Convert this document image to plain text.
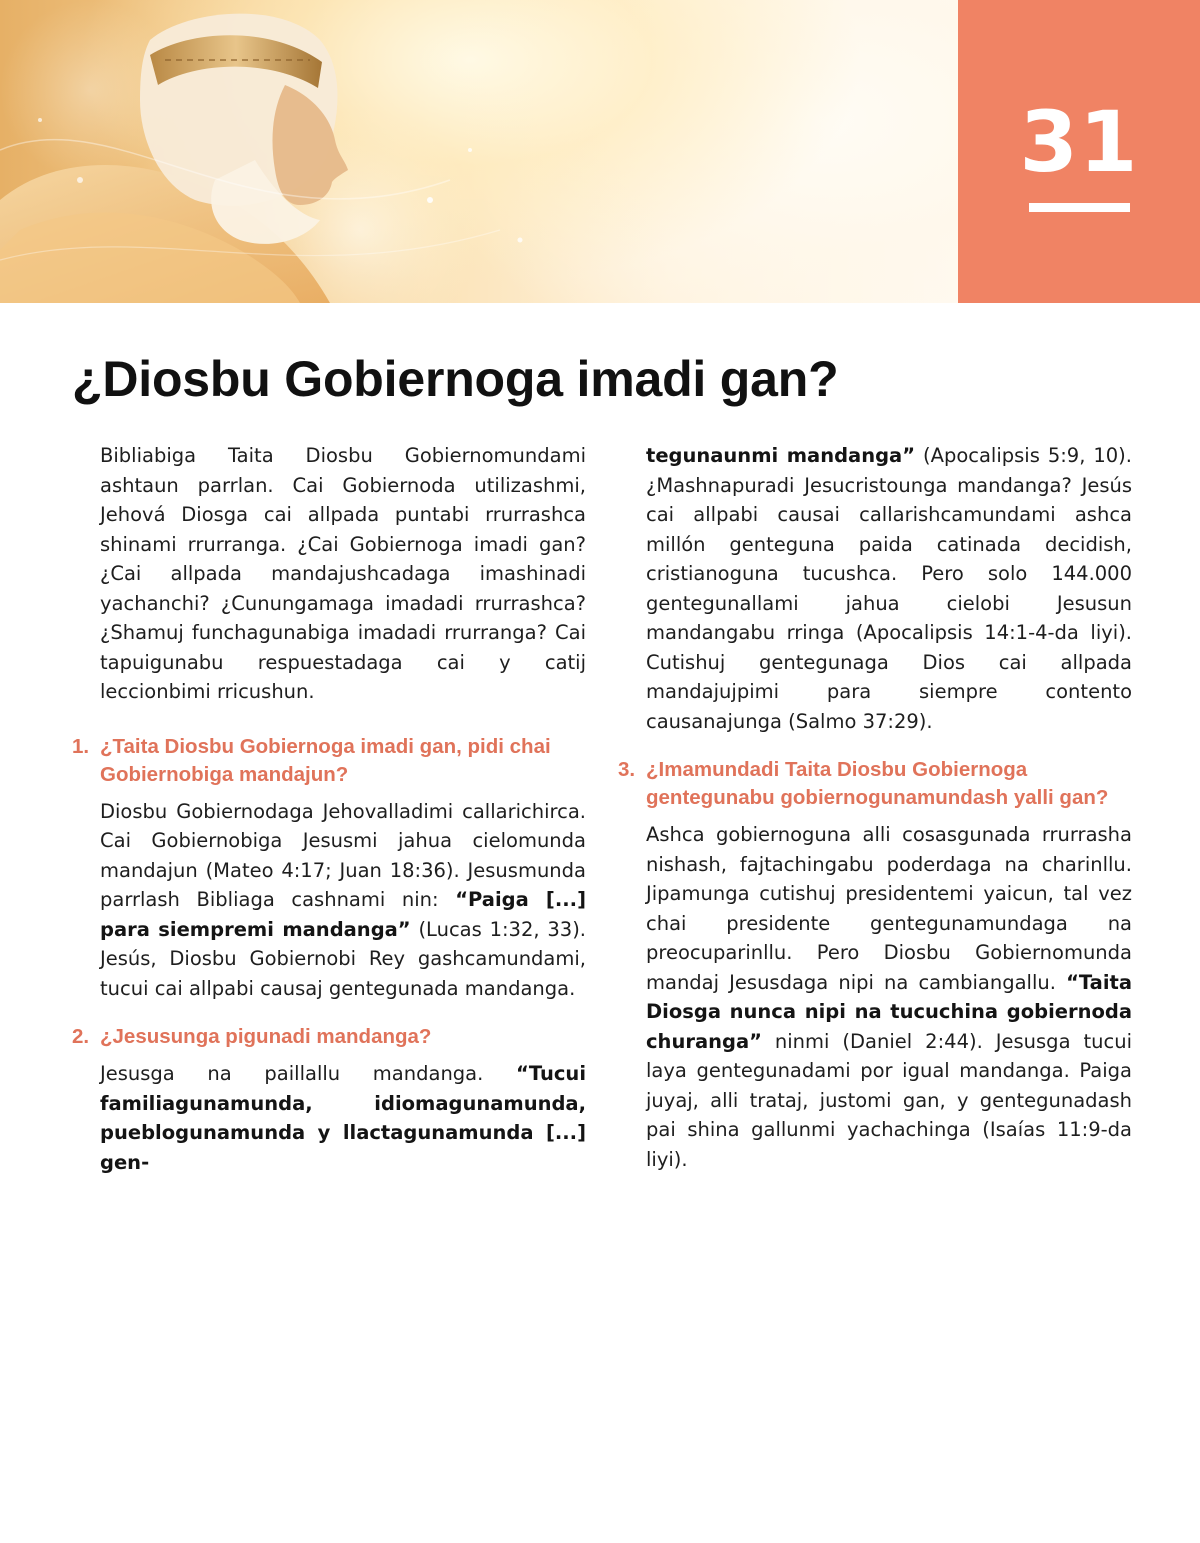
31
¿Diosbu Gobiernoga imadi gan?

Bibliabiga Taita Diosbu Gobiernomundami ashtaun parrlan. Cai Gobiernoda utilizashmi, Jehová Diosga cai allpada puntabi rrurrashca shinami rrurranga. ¿Cai Gobiernoga imadi gan? ¿Cai allpada mandajushcadaga imashinadi yachanchi? ¿Cunungamaga imadadi rrurrashca? ¿Shamuj funchagunabiga imadadi rrurranga? Cai tapuigunabu respuestadaga cai y catij leccionbimi rricushun.

1. ¿Taita Diosbu Gobiernoga imadi gan, pidi chai Gobiernobiga mandajun?

Diosbu Gobiernodaga Jehovalladimi callarichirca. Cai Gobiernobiga Jesusmi jahua cielomunda mandajun (Mateo 4:17; Juan 18:36). Jesusmunda parrlash Bibliaga cashnami nin: “Paiga [...] para siempremi mandanga” (Lucas 1:32, 33). Jesús, Diosbu Gobiernobi Rey gashcamundami, tucui cai allpabi causaj gentegunada mandanga.

2. ¿Jesusunga pigunadi mandanga?

Jesusga na paillallu mandanga. “Tucui familiagunamunda, idiomagunamunda, pueblogunamunda y llactagunamunda [...] gen-

tegunaunmi mandanga” (Apocalipsis 5:9, 10). ¿Mashnapuradi Jesucristounga mandanga? Jesús cai allpabi causai callarishcamundami ashca millón genteguna paida catinada decidish, cristianoguna tucushca. Pero solo 144.000 gentegunallami jahua cielobi Jesusun mandangabu rringa (Apocalipsis 14:1-4-da liyi). Cutishuj gentegunaga Dios cai allpada mandajujpimi para siempre contento causanajunga (Salmo 37:29).

3. ¿Imamundadi Taita Diosbu Gobiernoga gentegunabu gobiernogunamundash yalli gan?

Ashca gobiernoguna alli cosasgunada rrurrasha nishash, fajtachingabu poderdaga na charinllu. Jipamunga cutishuj presidentemi yaicun, tal vez chai presidente gentegunamundaga na preocuparinllu. Pero Diosbu Gobiernomunda mandaj Jesusdaga nipi na cambiangallu. “Taita Diosga nunca nipi na tucuchina gobiernoda churanga” ninmi (Daniel 2:44). Jesusga tucui laya gentegunadami por igual mandanga. Paiga juyaj, alli trataj, justomi gan, y gentegunadash pai shina gallunmi yachachinga (Isaías 11:9-da liyi).
